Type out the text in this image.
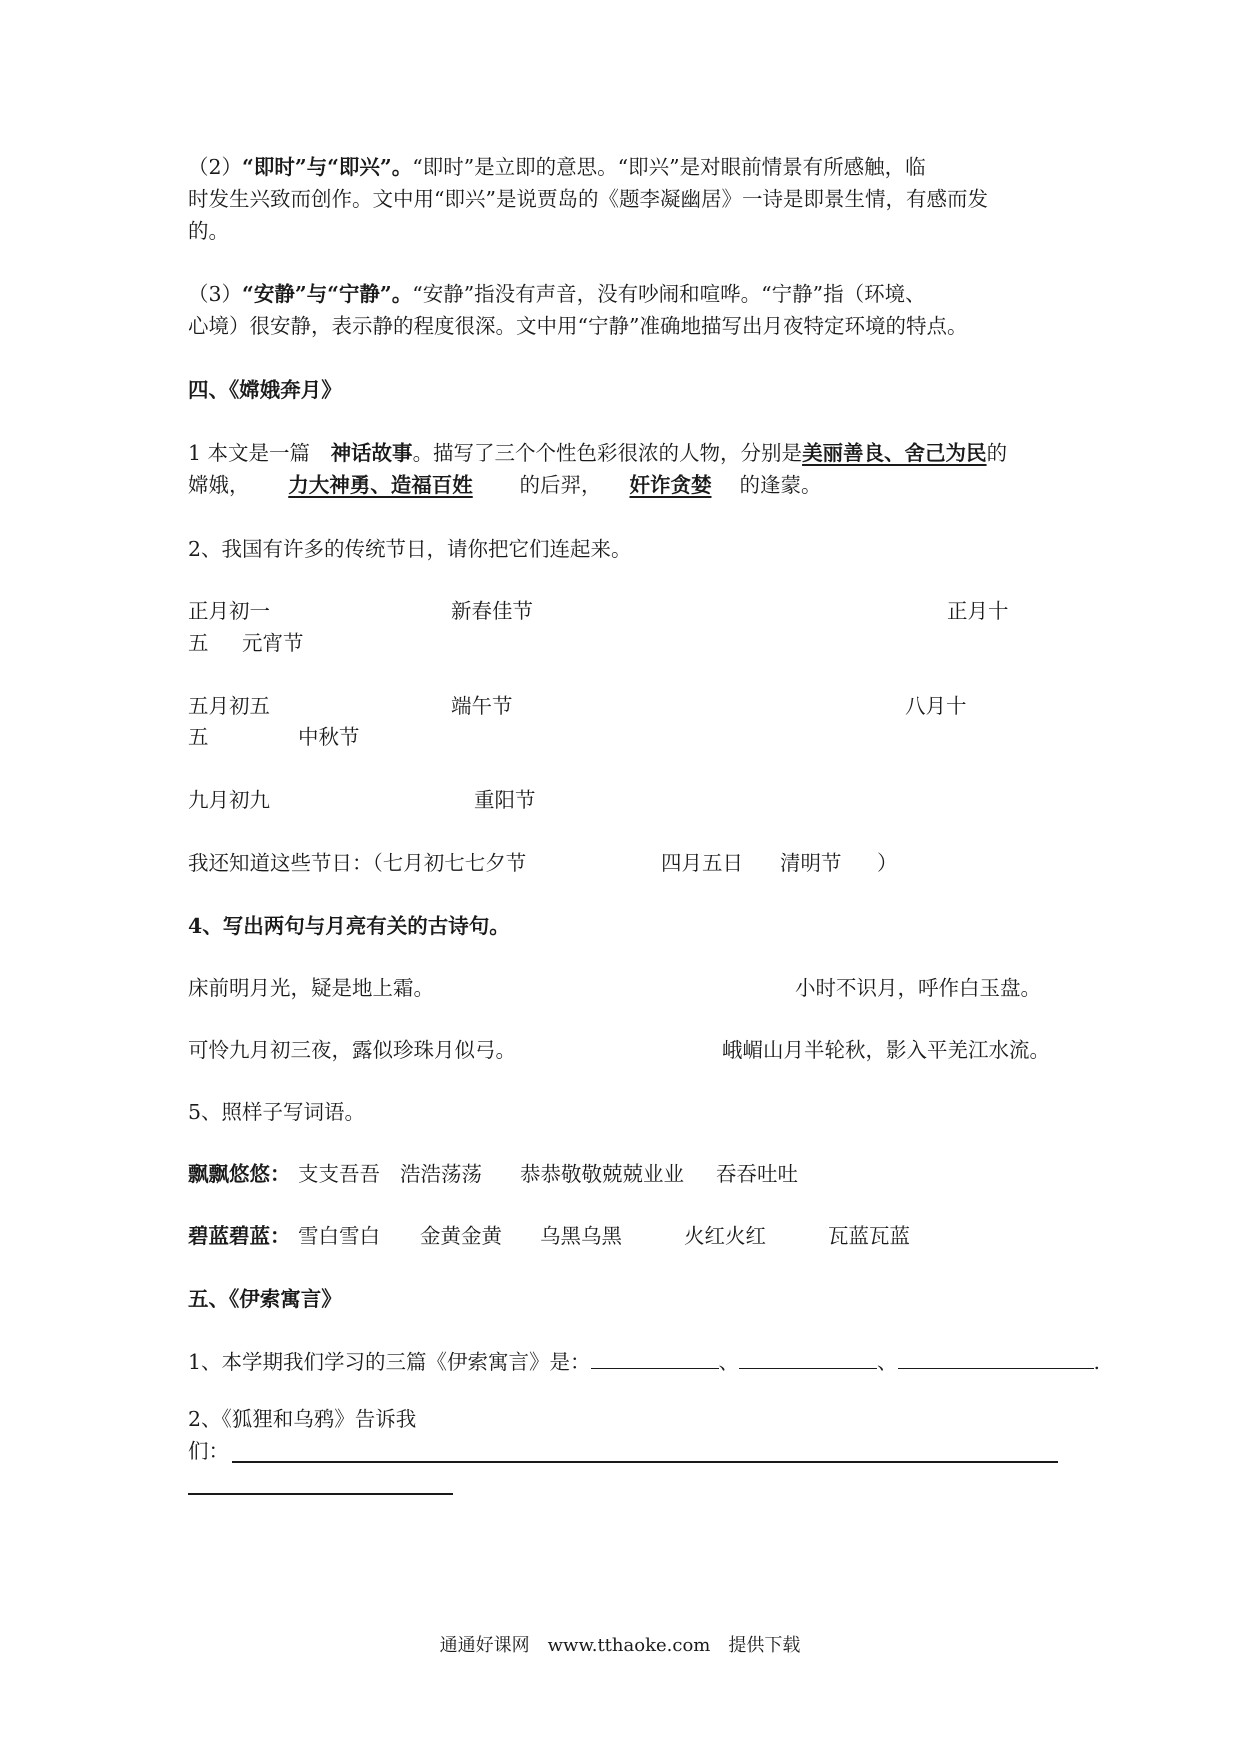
（2）“即时”与“即兴”。“即时”是立即的意思。“即兴”是对眼前情景有所感触，临
时发生兴致而创作。文中用“即兴”是说贾岛的《题李凝幽居》一诗是即景生情，有感而发
的。
（3）“安静”与“宁静”。“安静”指没有声音，没有吵闹和喧哗。“宁静”指（环境、
心境）很安静，表示静的程度很深。文中用“宁静”准确地描写出月夜特定环境的特点。
四、《嫦娥奔月》
1 本文是一篇　神话故事。描写了三个个性色彩很浓的人物，分别是美丽善良、舍己为民的
嫦娥， 力大神勇、造福百姓 的后羿， 奸诈贪婪 的逢蒙。
2、我国有许多的传统节日，请你把它们连起来。
正月初一	新春佳节	正月十
五 元宵节
五月初五	端午节	八月十
五	中秋节
九月初九	重阳节
我还知道这些节日：（七月初七七夕节	四月五日 清明节 ）
4、写出两句与月亮有关的古诗句。
床前明月光，疑是地上霜。	小时不识月，呼作白玉盘。
可怜九月初三夜，露似珍珠月似弓。	峨嵋山月半轮秋，影入平羌江水流。
5、照样子写词语。
飘飘悠悠： 支支吾吾 浩浩荡荡 恭恭敬敬兢兢业业 吞吞吐吐
碧蓝碧蓝： 雪白雪白 金黄金黄 乌黑乌黑	火红火红	瓦蓝瓦蓝
五、《伊索寓言》
1、本学期我们学习的三篇《伊索寓言》是：	、	、	.
2、《狐狸和乌鸦》告诉我
们：
通通好课网　www.tthaoke.com　提供下载
